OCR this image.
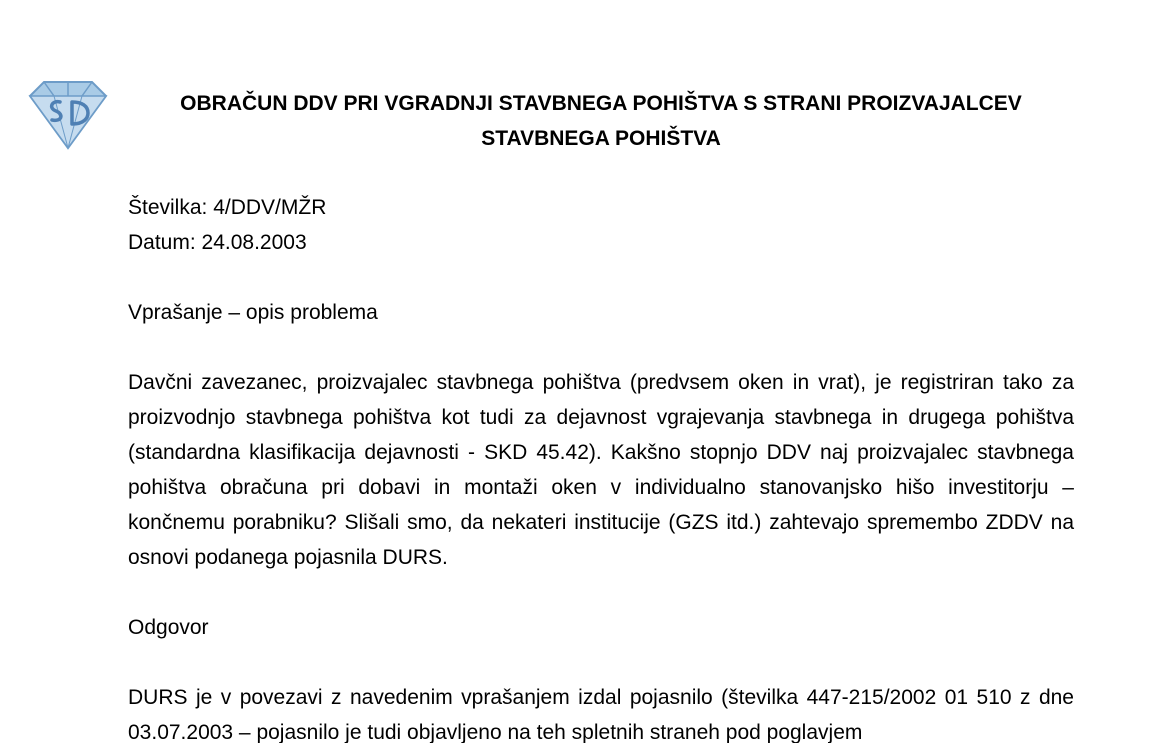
OBRAČUN DDV PRI VGRADNJI STAVBNEGA POHIŠTVA S STRANI PROIZVAJALCEV STAVBNEGA POHIŠTVA

Številka: 4/DDV/MŽR

Datum: 24.08.2003

Vprašanje – opis problema

Davčni zavezanec, proizvajalec stavbnega pohištva (predvsem oken in vrat), je registriran tako za proizvodnjo stavbnega pohištva kot tudi za dejavnost vgrajevanja stavbnega in drugega pohištva (standardna klasifikacija dejavnosti - SKD 45.42). Kakšno stopnjo DDV naj proizvajalec stavbnega pohištva obračuna pri dobavi in montaži oken v individualno stanovanjsko hišo investitorju – končnemu porabniku? Slišali smo, da nekateri institucije (GZS itd.) zahtevajo spremembo ZDDV na osnovi podanega pojasnila DURS.

Odgovor

DURS je v povezavi z navedenim vprašanjem izdal pojasnilo (številka 447-215/2002 01 510 z dne 03.07.2003 – pojasnilo je tudi objavljeno na teh spletnih straneh pod poglavjem
